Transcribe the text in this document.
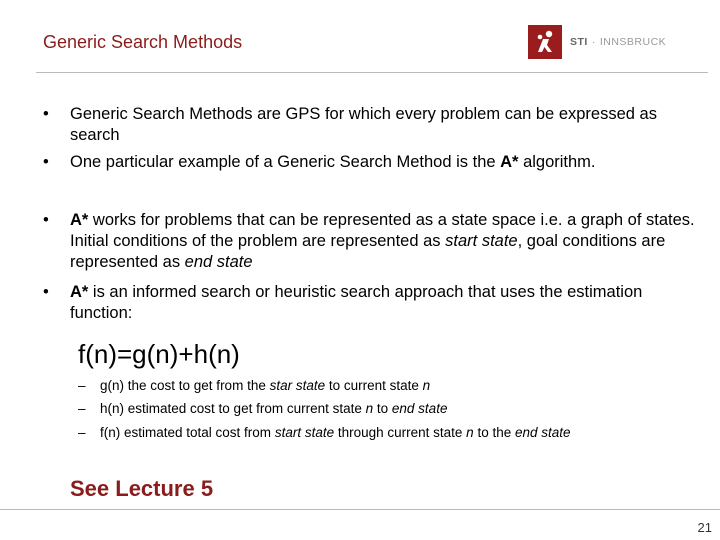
Generic Search Methods	STI · INNSBRUCK
• Generic Search Methods are GPS for which every problem can be expressed as search
• One particular example of a Generic Search Method is the A* algorithm.
• A* works for problems that can be represented as a state space i.e. a graph of states. Initial conditions of the problem are represented as start state, goal conditions are represented as end state
• A* is an informed search or heuristic search approach that uses the estimation function:
f(n)=g(n)+h(n)
– g(n) the cost to get from the star state to current state n
– h(n) estimated cost to get from current state n to end state
– f(n) estimated total cost from start state through current state n to the end state
See Lecture 5
21
